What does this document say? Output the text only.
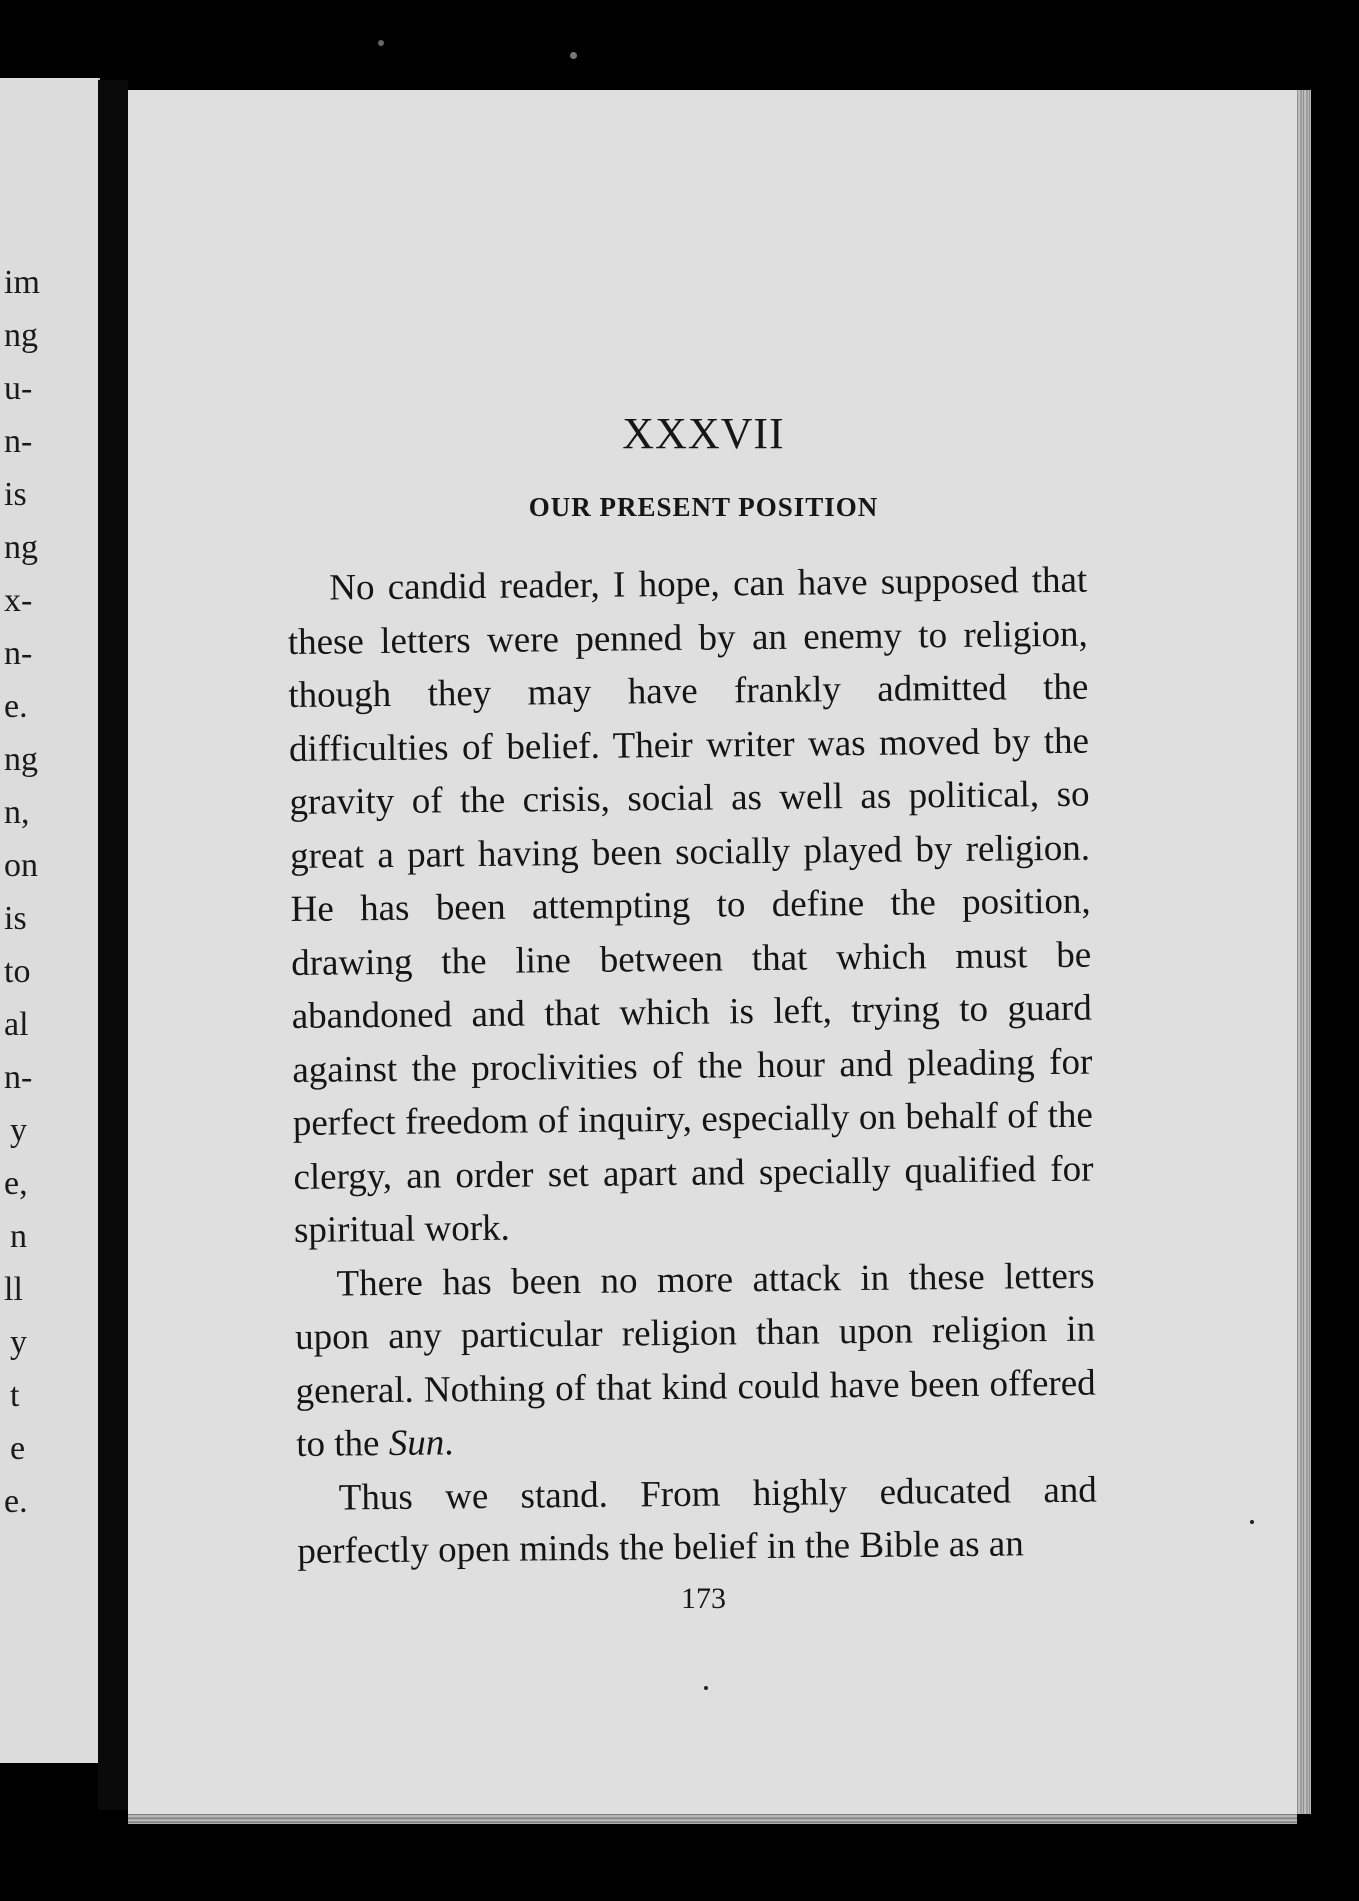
im
ng
u-
n-
is
ng
x-
n-
e.
ng
n,
on
is
to
al
n-
y
e,
n
ll
y
t
e
e.
XXXVII
OUR PRESENT POSITION

No candid reader, I hope, can have supposed that these letters were penned by an enemy to religion, though they may have frankly admitted the difficulties of belief. Their writer was moved by the gravity of the crisis, social as well as political, so great a part having been socially played by religion. He has been attempting to define the position, drawing the line between that which must be abandoned and that which is left, trying to guard against the proclivities of the hour and pleading for perfect freedom of inquiry, especially on behalf of the clergy, an order set apart and specially qualified for spiritual work.

There has been no more attack in these letters upon any particular religion than upon religion in general. Nothing of that kind could have been offered to the Sun.

Thus we stand. From highly educated and perfectly open minds the belief in the Bible as an

173
